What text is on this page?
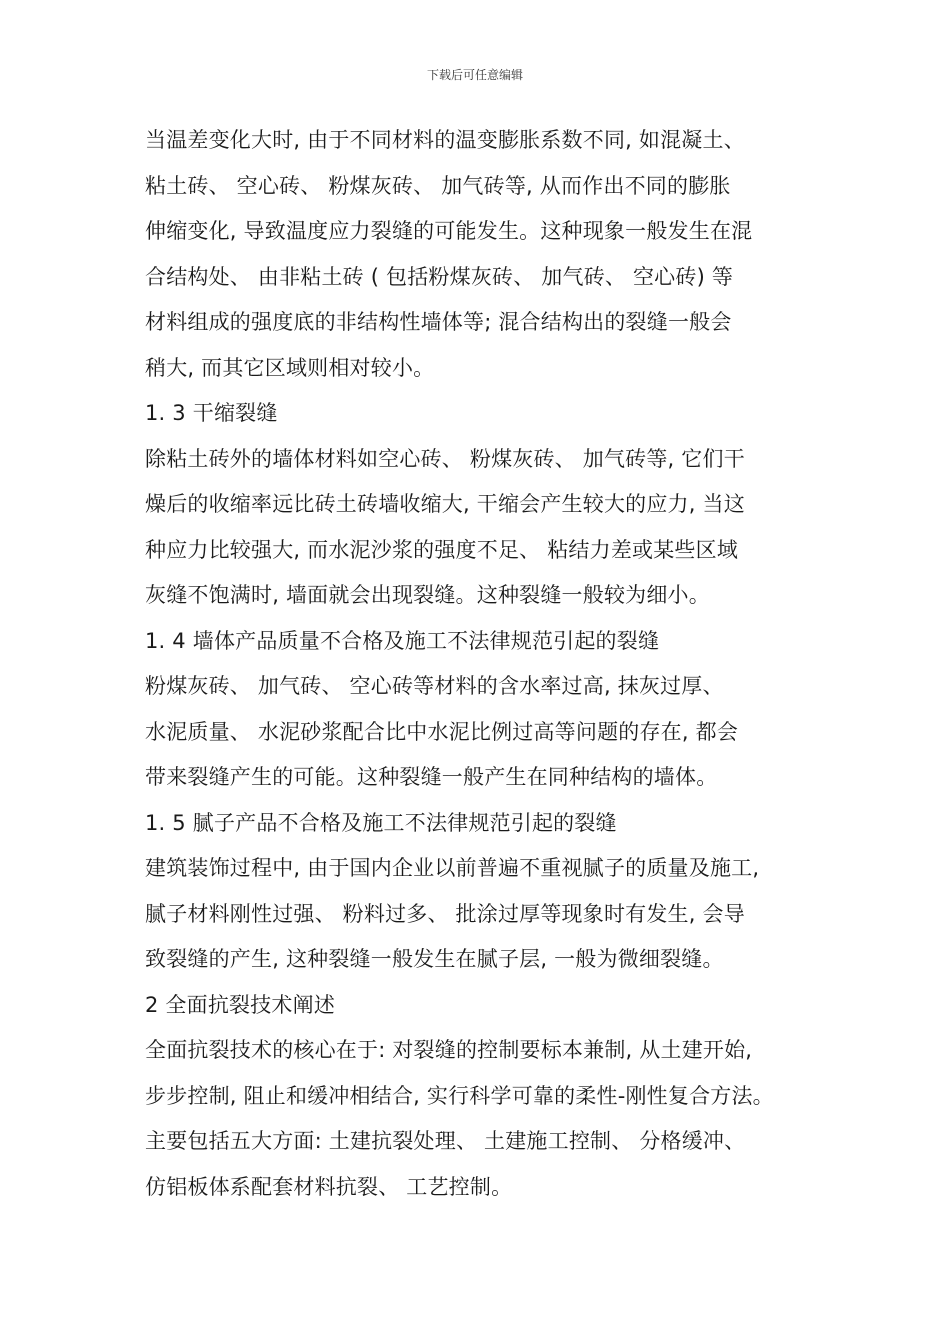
下载后可任意编辑
当温差变化大时, 由于不同材料的温变膨胀系数不同, 如混凝土、
粘土砖、 空心砖、 粉煤灰砖、 加气砖等, 从而作出不同的膨胀
伸缩变化, 导致温度应力裂缝的可能发生。这种现象一般发生在混
合结构处、 由非粘土砖 ( 包括粉煤灰砖、 加气砖、 空心砖) 等
材料组成的强度底的非结构性墙体等; 混合结构出的裂缝一般会
稍大, 而其它区域则相对较小。
1. 3 干缩裂缝
除粘土砖外的墙体材料如空心砖、 粉煤灰砖、 加气砖等, 它们干
燥后的收缩率远比砖土砖墙收缩大, 干缩会产生较大的应力, 当这
种应力比较强大, 而水泥沙浆的强度不足、 粘结力差或某些区域
灰缝不饱满时, 墙面就会出现裂缝。这种裂缝一般较为细小。
1. 4 墙体产品质量不合格及施工不法律规范引起的裂缝
粉煤灰砖、 加气砖、 空心砖等材料的含水率过高, 抹灰过厚、
水泥质量、 水泥砂浆配合比中水泥比例过高等问题的存在, 都会
带来裂缝产生的可能。这种裂缝一般产生在同种结构的墙体。
1. 5 腻子产品不合格及施工不法律规范引起的裂缝
建筑装饰过程中, 由于国内企业以前普遍不重视腻子的质量及施工,
腻子材料刚性过强、 粉料过多、 批涂过厚等现象时有发生, 会导
致裂缝的产生, 这种裂缝一般发生在腻子层, 一般为微细裂缝。
2 全面抗裂技术阐述
全面抗裂技术的核心在于: 对裂缝的控制要标本兼制, 从土建开始,
步步控制, 阻止和缓冲相结合, 实行科学可靠的柔性-刚性复合方法。
主要包括五大方面: 土建抗裂处理、 土建施工控制、 分格缓冲、
仿铝板体系配套材料抗裂、 工艺控制。
